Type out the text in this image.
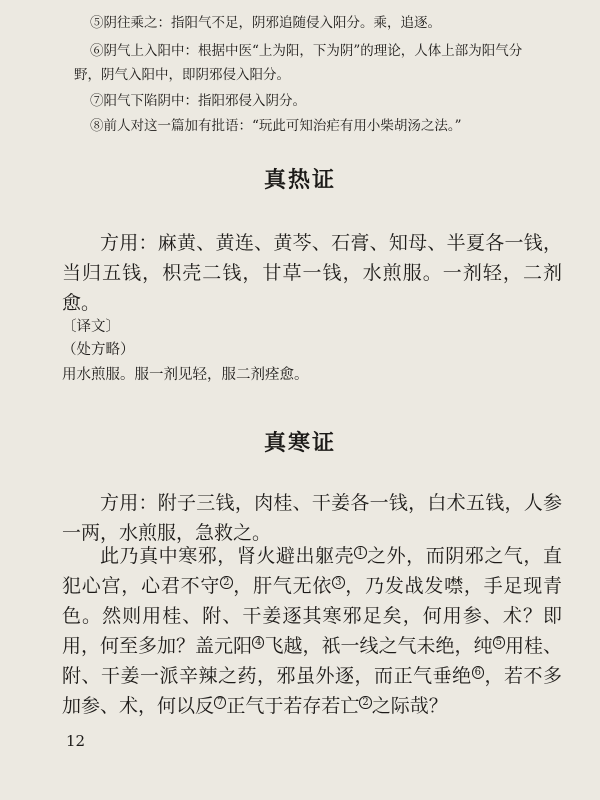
⑤阴往乘之：指阳气不足，阴邪追随侵入阳分。乘，追逐。
⑥阴气上入阳中：根据中医“上为阳，下为阴”的理论，人体上部为阳气分
野，阴气入阳中，即阴邪侵入阳分。
⑦阳气下陷阴中：指阳邪侵入阴分。
⑧前人对这一篇加有批语：“玩此可知治疟有用小柴胡汤之法。”
真热证
方用：麻黄、黄连、黄芩、石膏、知母、半夏各一钱，当归五钱，枳壳二钱，甘草一钱，水煎服。一剂轻，二剂愈。
〔译文〕
（处方略）
用水煎服。服一剂见轻，服二剂痊愈。
真寒证
方用：附子三钱，肉桂、干姜各一钱，白术五钱，人参一两，水煎服，急救之。
此乃真中寒邪，肾火避出躯壳 $^1$ 之外，而阴邪之气，直犯心宫，心君不守 $^2$ ，肝气无依 $^3$ ，乃发战发噤，手足现青色。然则用桂、附、干姜逐其寒邪足矣，何用参、术？即用，何至多加？盖元阳 $^4$ 飞越，祇一线之气未绝，纯 $^5$ 用桂、附、干姜一派辛辣之药，邪虽外逐，而正气垂绝 $^6$ ，若不多加参、术，何以反 $^7$ 正气于若存若亡 $^2$ 之际哉？
12
